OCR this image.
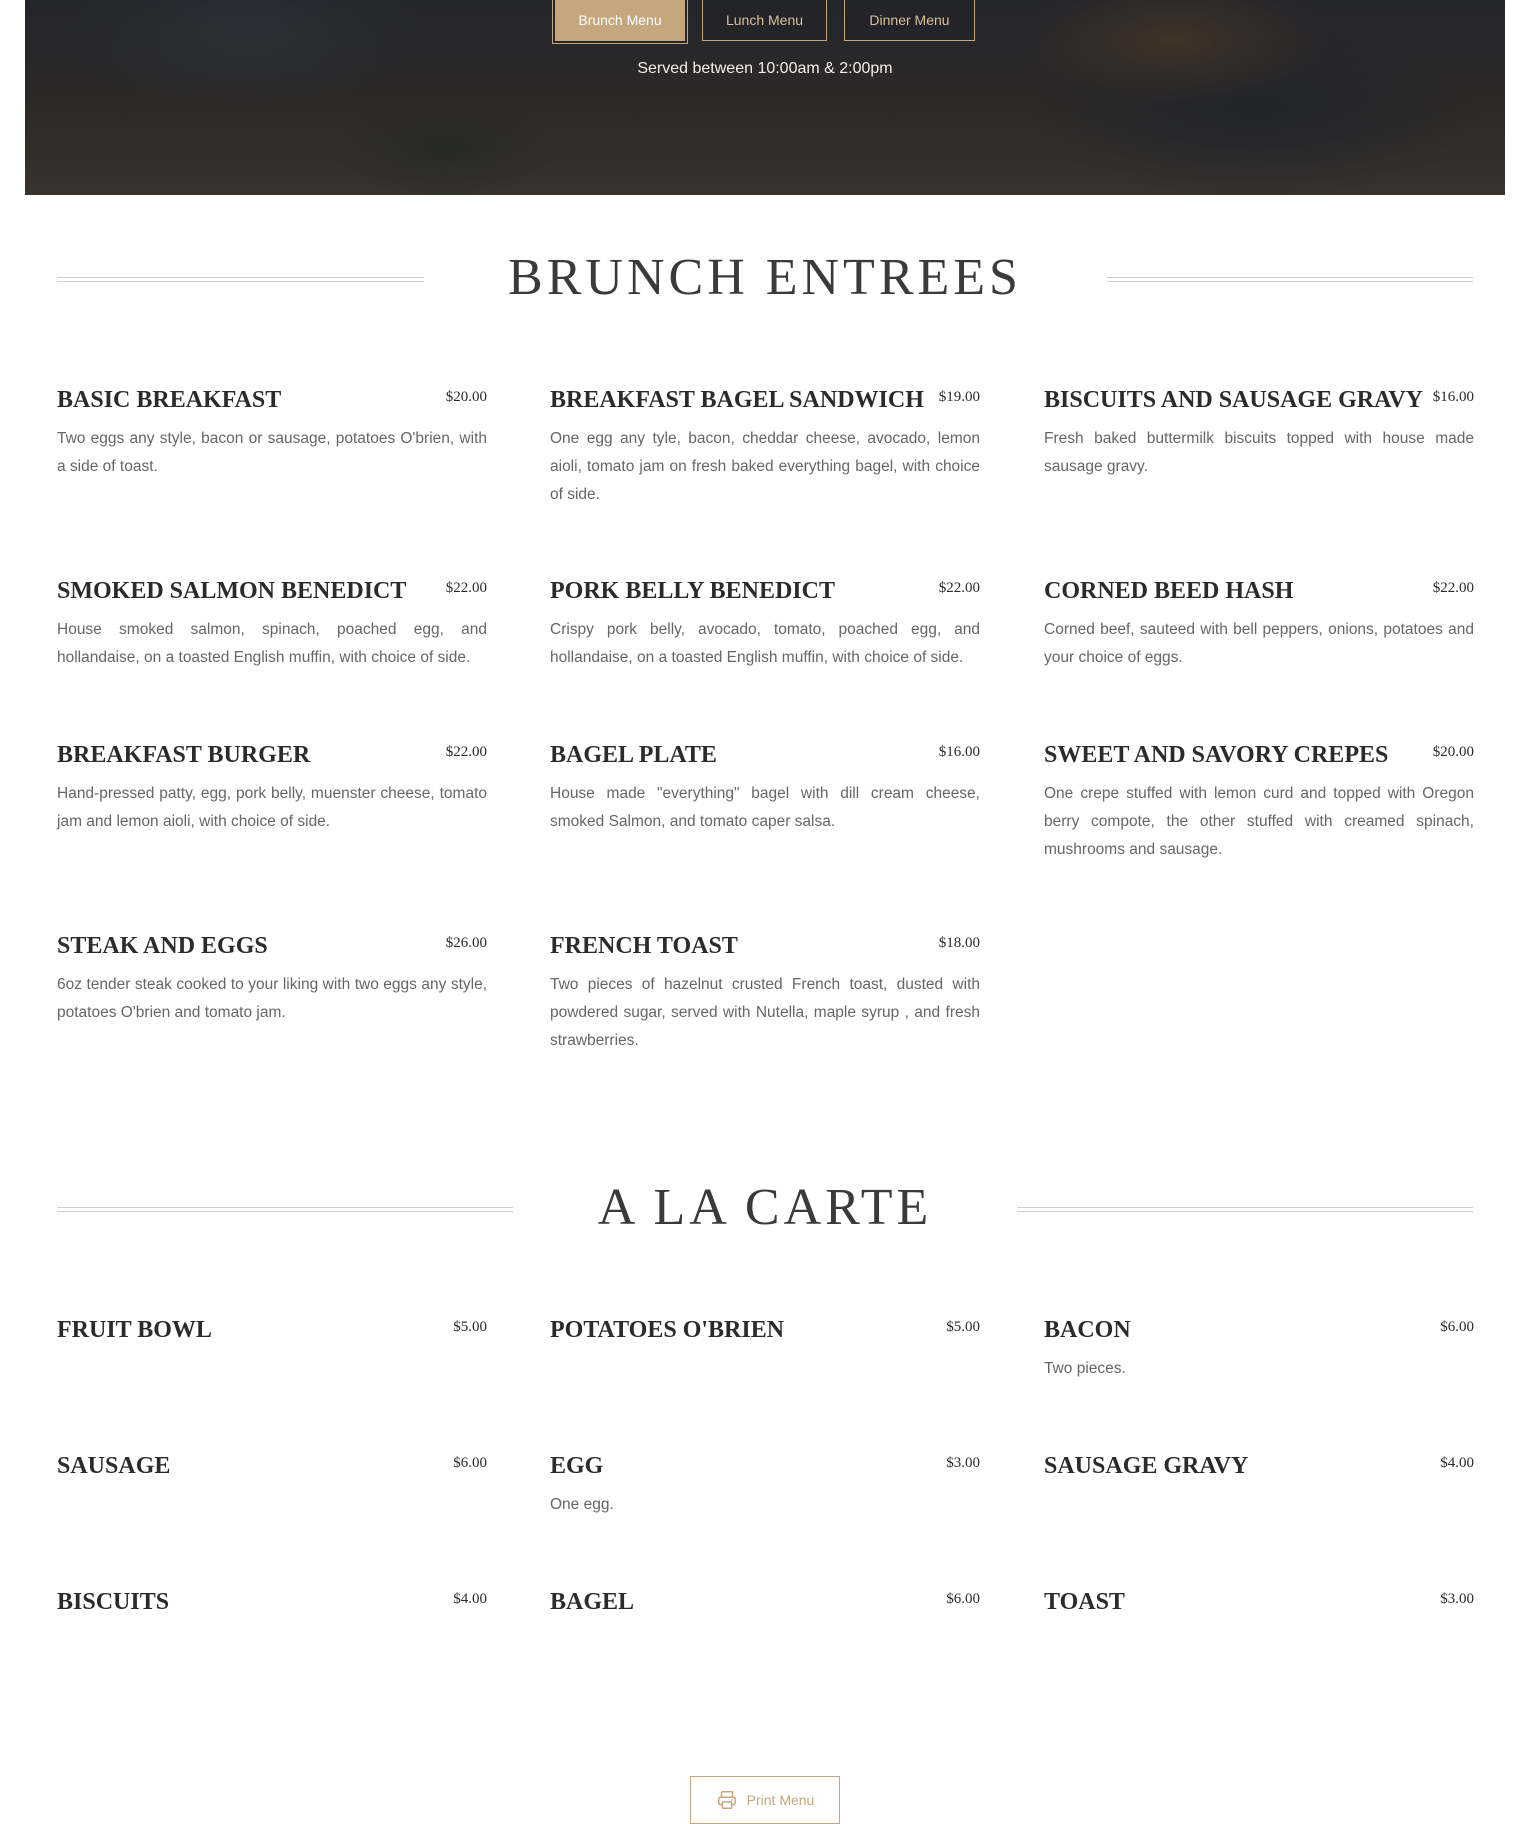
Brunch Menu	Lunch Menu	Dinner Menu
Served between 10:00am & 2:00pm
BRUNCH ENTREES
BASIC BREAKFAST	$20.00

Two eggs any style, bacon or sausage, potatoes O'brien, with a side of toast.

BREAKFAST BAGEL SANDWICH $19.00

One egg any tyle, bacon, cheddar cheese, avocado, lemon aioli, tomato jam on fresh baked everything bagel, with choice of side.

BISCUITS AND SAUSAGE GRAVY $16.00

Fresh baked buttermilk biscuits topped with house made sausage gravy.

SMOKED SALMON BENEDICT	$22.00

House smoked salmon, spinach, poached egg, and hollandaise, on a toasted English muffin, with choice of side.

PORK BELLY BENEDICT	$22.00

Crispy pork belly, avocado, tomato, poached egg, and hollandaise, on a toasted English muffin, with choice of side.

CORNED BEED HASH	$22.00

Corned beef, sauteed with bell peppers, onions, potatoes and your choice of eggs.

BREAKFAST BURGER	$22.00

Hand-pressed patty, egg, pork belly, muenster cheese, tomato jam and lemon aioli, with choice of side.

BAGEL PLATE	$16.00

House made "everything" bagel with dill cream cheese, smoked Salmon, and tomato caper salsa.

SWEET AND SAVORY CREPES	$20.00

One crepe stuffed with lemon curd and topped with Oregon berry compote, the other stuffed with creamed spinach, mushrooms and sausage.

STEAK AND EGGS	$26.00

6oz tender steak cooked to your liking with two eggs any style, potatoes O'brien and tomato jam.

FRENCH TOAST	$18.00

Two pieces of hazelnut crusted French toast, dusted with powdered sugar, served with Nutella, maple syrup , and fresh strawberries.

A LA CARTE
FRUIT BOWL	$5.00	POTATOES O'BRIEN	$5.00	BACON	$6.00

Two pieces.

SAUSAGE	$6.00	EGG	$3.00

One egg.

SAUSAGE GRAVY	$4.00
BISCUITS	$4.00	BAGEL	$6.00	TOAST	$3.00
Print Menu
